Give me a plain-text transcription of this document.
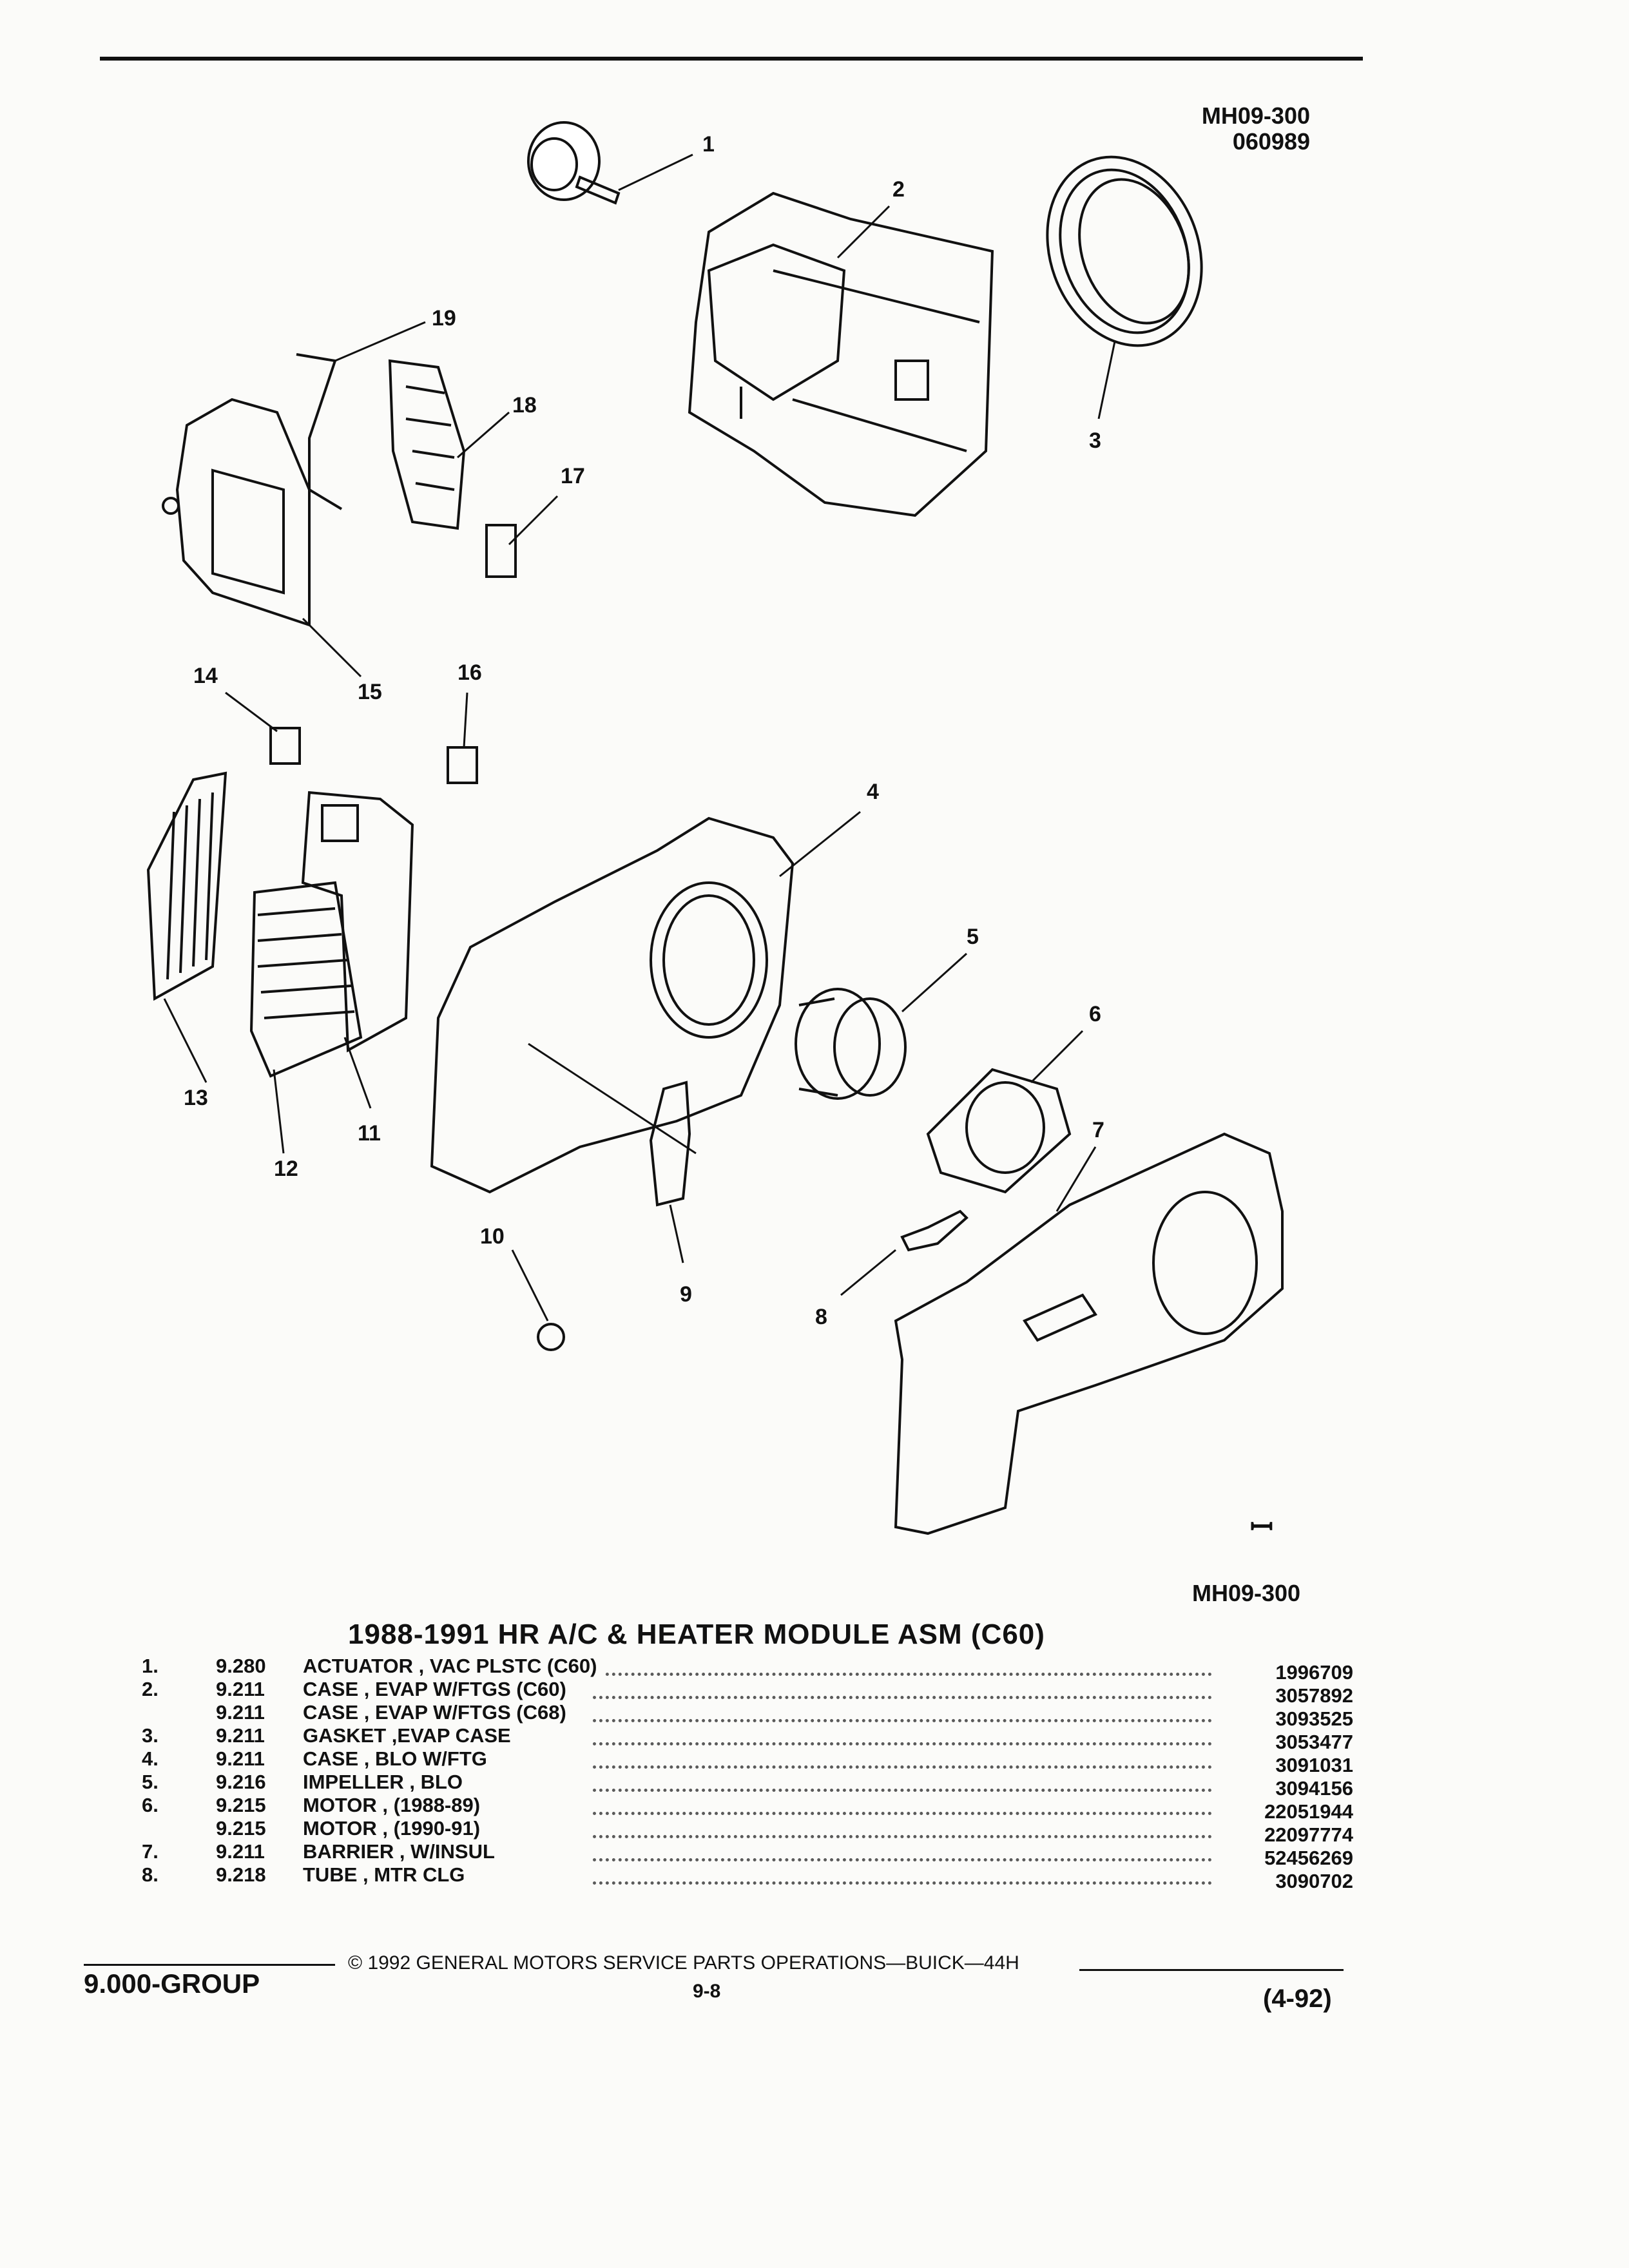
MH09-300
060989
1
2
3
15
19
18
17
14	16
13
12
11
4
5
6
7
8
9
10
ꟷ
MH09-300
1988-1991 HR A/C & HEATER MODULE ASM (C60)
1.	9.280	ACTUATOR , VAC PLSTC (C60)	1996709
2.	9.211	CASE , EVAP W/FTGS (C60)	3057892
9.211	CASE , EVAP W/FTGS (C68)	3093525
3.	9.211	GASKET ,EVAP CASE	3053477
4.	9.211	CASE , BLO W/FTG	3091031
5.	9.216	IMPELLER , BLO	3094156
6.	9.215	MOTOR , (1988-89)	22051944
9.215	MOTOR , (1990-91)	22097774
7.	9.211	BARRIER , W/INSUL	52456269
8.	9.218	TUBE , MTR CLG	3090702
9.000-GROUP
© 1992 GENERAL MOTORS SERVICE PARTS OPERATIONS—BUICK—44H
9-8	(4-92)
